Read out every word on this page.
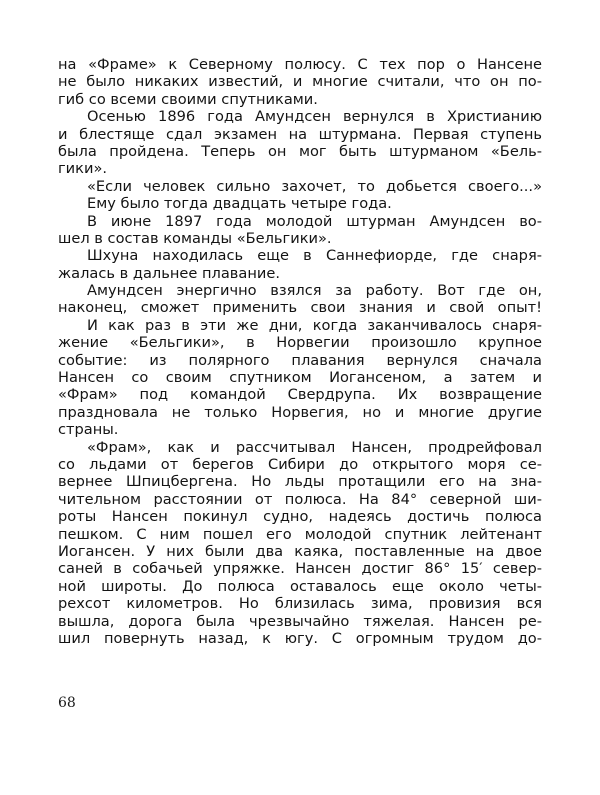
на «Фраме» к Северному полюсу. С тех пор о Нансене
не было никаких известий, и многие считали, что он по-
гиб со всеми своими спутниками.
Осенью 1896 года Амундсен вернулся в Христианию
и блестяще сдал экзамен на штурмана. Первая ступень
была пройдена. Теперь он мог быть штурманом «Бель-
гики».
«Если человек сильно захочет, то добьется своего...»
Ему было тогда двадцать четыре года.
В июне 1897 года молодой штурман Амундсен во-
шел в состав команды «Бельгики».
Шхуна находилась еще в Саннефиорде, где снаря-
жалась в дальнее плавание.
Амундсен энергично взялся за работу. Вот где он,
наконец, сможет применить свои знания и свой опыт!
И как раз в эти же дни, когда заканчивалось снаря-
жение «Бельгики», в Норвегии произошло крупное
событие: из полярного плавания вернулся сначала
Нансен со своим спутником Иогансеном, а затем и
«Фрам» под командой Свердрупа. Их возвращение
праздновала не только Норвегия, но и многие другие
страны.
«Фрам», как и рассчитывал Нансен, продрейфовал
со льдами от берегов Сибири до открытого моря се-
вернее Шпицбергена. Но льды протащили его на зна-
чительном расстоянии от полюса. На 84° северной ши-
роты Нансен покинул судно, надеясь достичь полюса
пешком. С ним пошел его молодой спутник лейтенант
Иогансен. У них были два каяка, поставленные на двое
саней в собачьей упряжке. Нансен достиг 86° 15′ север-
ной широты. До полюса оставалось еще около четы-
рехсот километров. Но близилась зима, провизия вся
вышла, дорога была чрезвычайно тяжелая. Нансен ре-
шил повернуть назад, к югу. С огромным трудом до-
68
